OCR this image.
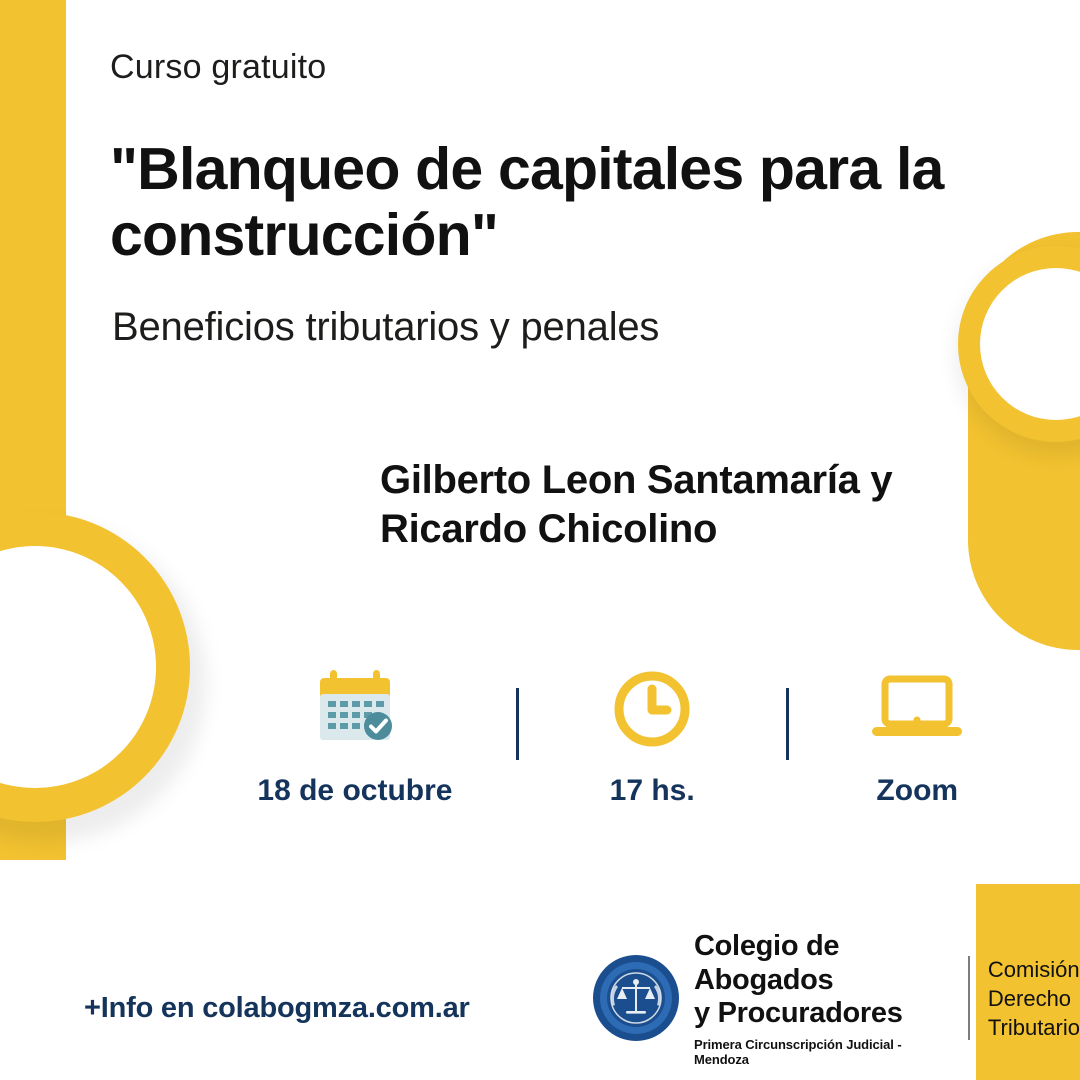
Curso gratuito
"Blanqueo de capitales para la construcción"
Beneficios tributarios y penales
Gilberto Leon Santamaría y Ricardo Chicolino
18 de octubre	17 hs.	Zoom
+Info en colabogmza.com.ar
Colegio de Abogados
y Procuradores
Primera Circunscripción Judicial - Mendoza
Comisión
Derecho
Tributario
